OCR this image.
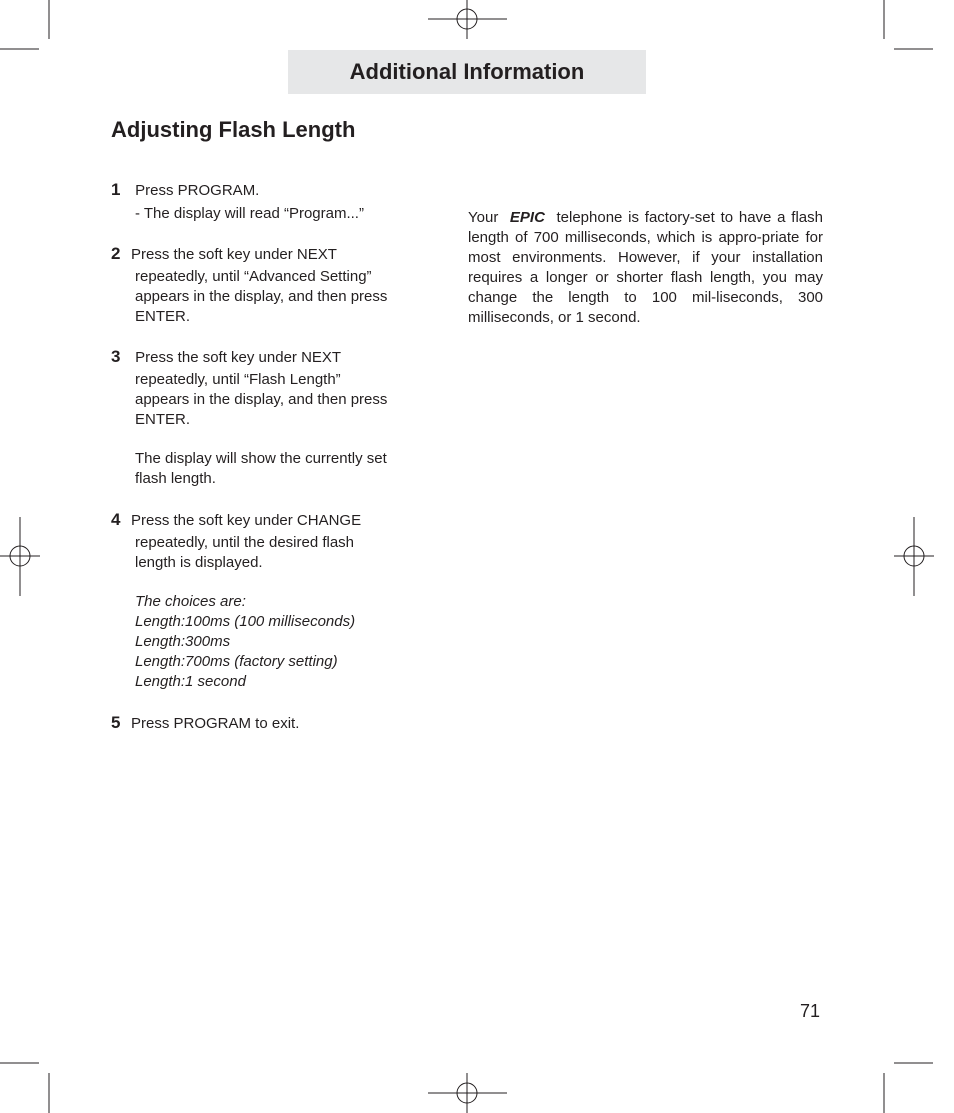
Additional Information
Adjusting Flash Length

1 Press PROGRAM.

- The display will read “Program...”

2 Press the soft key under NEXT

repeatedly, until “Advanced Setting”

appears in the display, and then press

ENTER.

3 Press the soft key under NEXT

repeatedly, until “Flash Length”

appears in the display, and then press

ENTER.

The display will show the currently set

flash length.

4 Press the soft key under CHANGE

repeatedly, until the desired flash

length is displayed.

The choices are:

Length:100ms (100 milliseconds)

Length:300ms

Length:700ms (factory setting)

Length:1 second

5 Press PROGRAM to exit.

Your EPIC telephone is factory-set to have a flash length of 700 milliseconds, which is appro-priate for most environments. However, if your installation requires a longer or shorter flash length, you may change the length to 100 mil-liseconds, 300 milliseconds, or 1 second.

71
